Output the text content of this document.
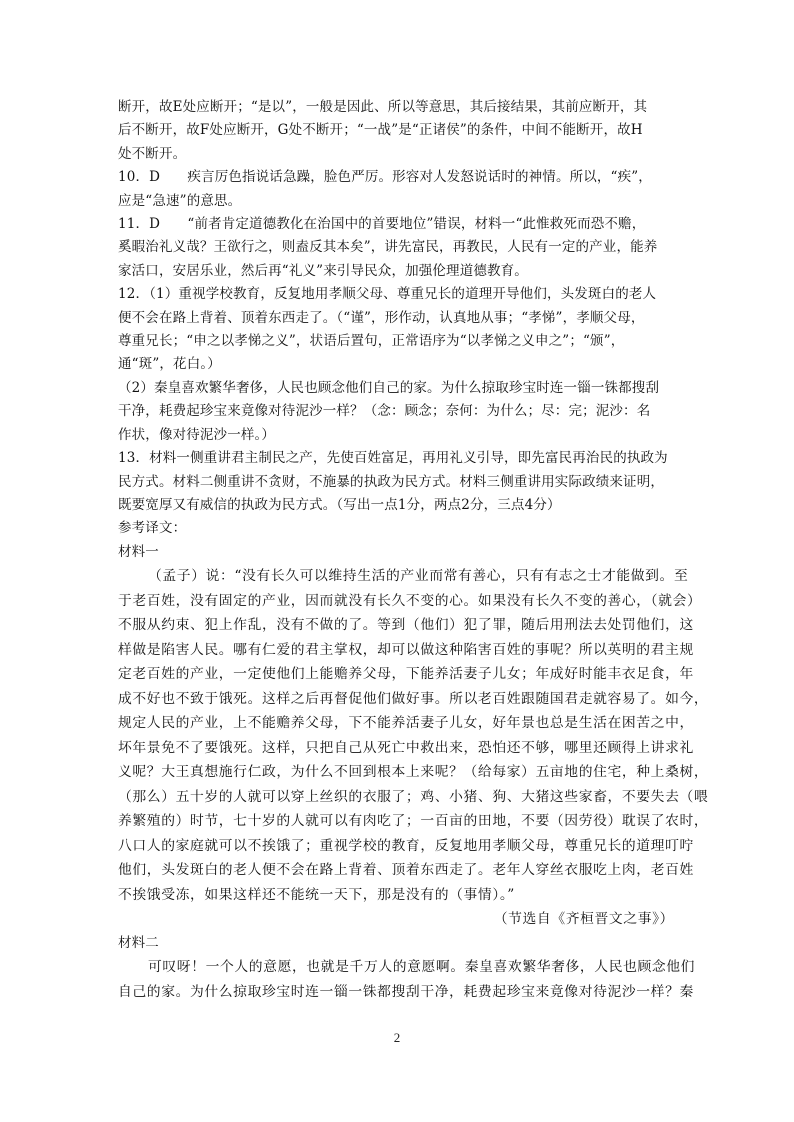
断开，故E处应断开；“是以”，一般是因此、所以等意思，其后接结果，其前应断开，其
后不断开，故F处应断开，G处不断开；“一战”是“正诸侯”的条件，中间不能断开，故H
处不断开。
10．D　　疾言厉色指说话急躁，脸色严厉。形容对人发怒说话时的神情。所以，“疾”，
应是“急速”的意思。
11．D　　“前者肯定道德教化在治国中的首要地位”错误，材料一“此惟救死而恐不赡，
奚暇治礼义哉？王欲行之，则盍反其本矣”，讲先富民，再教民，人民有一定的产业，能养
家活口，安居乐业，然后再“礼义”来引导民众，加强伦理道德教育。
12．（1）重视学校教育，反复地用孝顺父母、尊重兄长的道理开导他们，头发斑白的老人
便不会在路上背着、顶着东西走了。（“谨”，形作动，认真地从事；“孝悌”，孝顺父母，
尊重兄长；“申之以孝悌之义”，状语后置句，正常语序为“以孝悌之义申之”；“颁”，
通“斑”，花白。）
（2）秦皇喜欢繁华奢侈，人民也顾念他们自己的家。为什么掠取珍宝时连一锱一铢都搜刮
干净，耗费起珍宝来竟像对待泥沙一样？（念：顾念；奈何：为什么；尽：完；泥沙：名
作状，像对待泥沙一样。）
13．材料一侧重讲君主制民之产，先使百姓富足，再用礼义引导，即先富民再治民的执政为
民方式。材料二侧重讲不贪财，不施暴的执政为民方式。材料三侧重讲用实际政绩来证明，
既要宽厚又有威信的执政为民方式。（写出一点1分，两点2分，三点4分）
参考译文：
材料一
（孟子）说：“没有长久可以维持生活的产业而常有善心，只有有志之士才能做到。至
于老百姓，没有固定的产业，因而就没有长久不变的心。如果没有长久不变的善心，（就会）
不服从约束、犯上作乱，没有不做的了。等到（他们）犯了罪，随后用刑法去处罚他们，这
样做是陷害人民。哪有仁爱的君主掌权，却可以做这种陷害百姓的事呢？所以英明的君主规
定老百姓的产业，一定使他们上能赡养父母，下能养活妻子儿女；年成好时能丰衣足食，年
成不好也不致于饿死。这样之后再督促他们做好事。所以老百姓跟随国君走就容易了。如今，
规定人民的产业，上不能赡养父母，下不能养活妻子儿女，好年景也总是生活在困苦之中，
坏年景免不了要饿死。这样，只把自己从死亡中救出来，恐怕还不够，哪里还顾得上讲求礼
义呢？大王真想施行仁政，为什么不回到根本上来呢？（给每家）五亩地的住宅，种上桑树，
（那么）五十岁的人就可以穿上丝织的衣服了；鸡、小猪、狗、大猪这些家畜，不要失去（喂
养繁殖的）时节，七十岁的人就可以有肉吃了；一百亩的田地，不要（因劳役）耽误了农时，
八口人的家庭就可以不挨饿了；重视学校的教育，反复地用孝顺父母，尊重兄长的道理叮咛
他们，头发斑白的老人便不会在路上背着、顶着东西走了。老年人穿丝衣服吃上肉，老百姓
不挨饿受冻，如果这样还不能统一天下，那是没有的（事情）。”
（节选自《齐桓晋文之事》）
材料二
可叹呀！一个人的意愿，也就是千万人的意愿啊。秦皇喜欢繁华奢侈，人民也顾念他们
自己的家。为什么掠取珍宝时连一锱一铢都搜刮干净，耗费起珍宝来竟像对待泥沙一样？秦
2
